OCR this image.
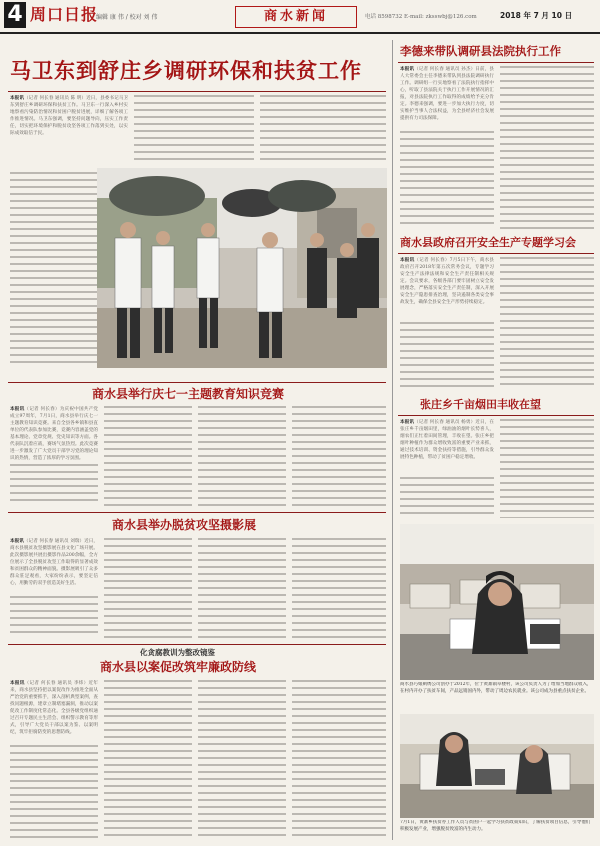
4 周口日报
编辑 康 伟 / 校对 刘 伟	商水新闻	电话 8598732 E-mail: zksswbj@126.com	2018 年 7 月 10 日
马卫东到舒庄乡调研环保和扶贫工作
本报讯（记者 何长春 通讯员 陈 明）近日，县委书记马卫东到舒庄乡调研环保和扶贫工作。马卫东一行深入乡村实地察看污染防治情况和贫困户脱贫进展，详细了解各项工作推进情况。马卫东强调，要坚持问题导向，压实工作责任，切实把环境保护和脱贫攻坚各项工作落到实处，以实际成效取信于民。
李德来带队调研县法院执行工作
本报讯（记者 何长春 通讯员 孙杰）日前，县人大常委会主任李德来带队到县法院调研执行工作。调研组一行实地察看了法院执行指挥中心，听取了县法院关于执行工作开展情况的汇报，对县法院执行工作取得的成绩给予充分肯定。李德来强调，要进一步加大执行力度，切实维护当事人合法权益，为全县经济社会发展提供有力司法保障。
商水县政府召开安全生产专题学习会
本报讯（记者 何长春）7月5日下午，商水县政府召开2018年第五次常务会议，专题学习安全生产法律法规和安全生产责任制相关规定。会议要求，各级各部门要牢固树立安全发展理念，严格落实安全生产责任制，深入开展安全生产隐患排查治理，坚决遏制各类安全事故发生，确保全县安全生产形势持续稳定。
张庄乡千亩烟田丰收在望
本报讯（记者 何长春 通讯员 杨勇）近日，在张庄乡千亩烟田里，绿油油的烟叶长势喜人，烟农们正忙着田间管理，丰收在望。张庄乡把烟叶种植作为群众增收致富的重要产业来抓，通过技术培训、资金扶持等措施，引导群众发展特色种植，带动了贫困户稳定增收。
商水县巧娘刺绣公司创办于2012年，位于黄寨镇草楼村，该公司负责人为了增加当地群众收入，在村内开办了扶贫车间，产品远销国内外，带动了周边农民就业。该公司成为县重点扶贫企业。
7月1日，黄寨乡扶贫办工作人员与贫困户一起学习扶贫政策知识，了解扶贫项目信息，引导他们积极发展产业，增强脱贫致富的内生动力。
商水县举行庆七一主题教育知识竞赛
本报讯（记者 何长春）为庆祝中国共产党成立97周年，7月1日，商水县举行庆七一主题教育知识竞赛。来自全县各乡镇和县直单位的代表队参加比赛，竞赛内容涵盖党的基本理论、党章党规、党史知识等方面。各代表队沉着应战，赛场气氛热烈。此次竞赛进一步激发了广大党员干部学习党的理论知识的热情，营造了浓厚的学习氛围。
商水县举办脱贫攻坚摄影展
本报讯（记者 何长春 通讯员 刘瑞）近日，商水县脱贫攻坚摄影展在县文化广场开展。此次摄影展共展出摄影作品200余幅，全方位展示了全县脱贫攻坚工作取得的显著成效和贫困群众的精神面貌。摄影展吸引了众多群众驻足观看，大家纷纷表示，要坚定信心，用勤劳的双手创造美好生活。
化贪腐教训为整改镜鉴
商水县以案促改筑牢廉政防线
本报讯（记者 何长春 通讯员 李炜）近年来，商水县坚持把以案促改作为推进全面从严治党的重要抓手，深入剖析典型案例，查找问题根源，建章立制堵塞漏洞，推动以案促改工作制度化常态化。全县各级党组织通过召开专题民主生活会、组织警示教育等形式，引导广大党员干部以案为鉴、以案明纪，筑牢拒腐防变的思想防线。
